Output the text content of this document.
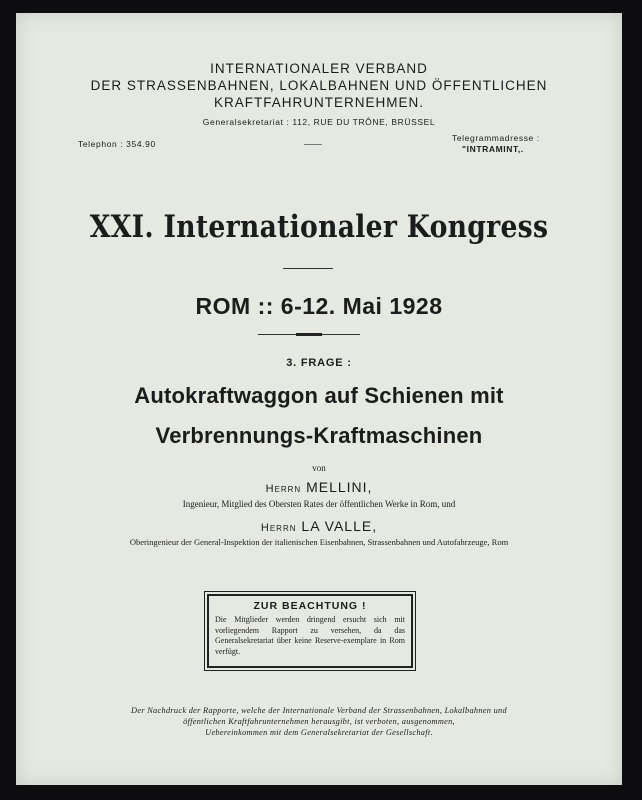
INTERNATIONALER VERBAND
DER STRASSENBAHNEN, LOKALBAHNEN UND ÖFFENTLICHEN
KRAFTFAHRUNTERNEHMEN.
Generalsekretariat : 112, RUE DU TRÔNE, BRÜSSEL
Telephon : 354.90
Telegrammadresse :
"INTRAMINT,.
XXI. Internationaler Kongress
ROM :: 6-12. Mai 1928
3. FRAGE :
Autokraftwaggon auf Schienen mit
Verbrennungs-Kraftmaschinen
von
Herrn MELLINI,
Ingenieur, Mitglied des Obersten Rates der öffentlichen Werke in Rom, und
Herrn LA VALLE,
Oberingenieur der General-Inspektion der italienischen Eisenbahnen, Strassenbahnen und Autofahrzeuge, Rom
ZUR BEACHTUNG !
Die Mitglieder werden dringend ersucht sich mit vorliegendem Rapport zu versehen, da das Generalsekretariat über keine Reserve-exemplare in Rom verfügt.
Der Nachdruck der Rapporte, welche der Internationale Verband der Strassenbahnen, Lokalbahnen und
öffentlichen Kraftfahrunternehmen herausgibt, ist verboten, ausgenommen,
Uebereinkommen mit dem Generalsekretariat der Gesellschaft.
